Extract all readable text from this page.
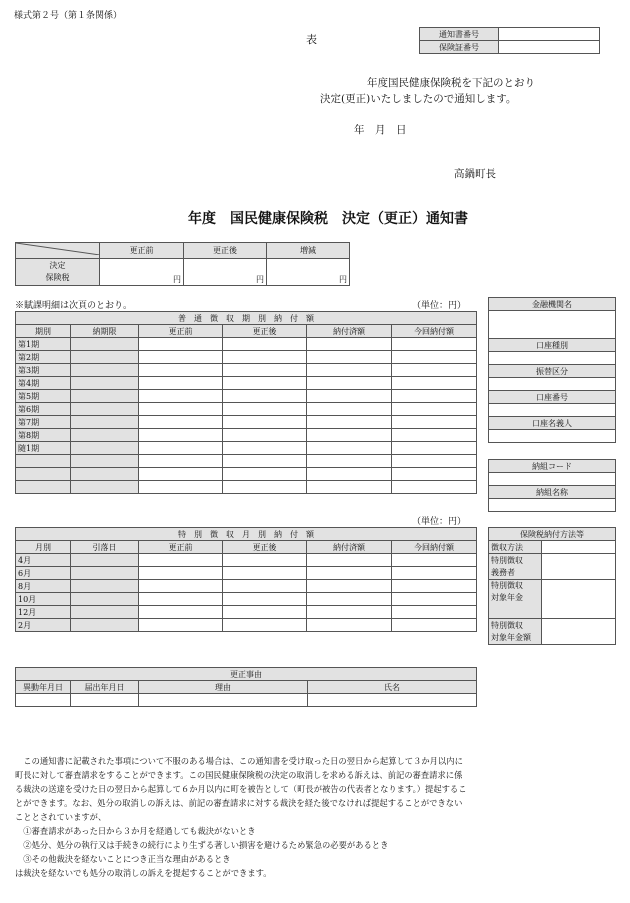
様式第２号（第１条関係）
表	通知書番号	
保険証番号	
年度国民健康保険税を下記のとおり
決定(更正)いたしましたので通知します。
年　月　日
高鍋町長
年度　国民健康保険税　決定（更正）通知書
	更正前	更正後	増減
決定
保険税	円	円	円
※賦課明細は次頁のとおり。	（単位：円）
普　通　徴　収　期　別　納　付　額					
期別	納期限	更正前	更正後	納付済額	今回納付額
第1期					
第2期					
第3期					
第4期					
第5期					
第6期					
第7期					
第8期					
随1期					

金融機関名

口座種別

振替区分

口座番号

口座名義人

納組コード

納組名称

（単位：円）
特　別　徴　収　月　別　納　付　額					
月別	引落日	更正前	更正後	納付済額	今回納付額
4月					
6月					
8月					
10月					
12月					
2月					
保険税納付方法等	
徴収方法	
特別徴収
義務者	
特別徴収
対象年金	
特別徴収
対象年金額	
更正事由			
異動年月日	届出年月日	理由	氏名

　この通知書に記載された事項について不服のある場合は、この通知書を受け取った日の翌日から起算して３か月以内に
町長に対して審査請求をすることができます。この国民健康保険税の決定の取消しを求める訴えは、前記の審査請求に係
る裁決の送達を受けた日の翌日から起算して６か月以内に町を被告として（町長が被告の代表者となります。）提起するこ
とができます。なお、処分の取消しの訴えは、前記の審査請求に対する裁決を経た後でなければ提起することができない
こととされていますが、
　①審査請求があった日から３か月を経過しても裁決がないとき
　②処分、処分の執行又は手続きの続行により生ずる著しい損害を避けるため緊急の必要があるとき
　③その他裁決を経ないことにつき正当な理由があるとき
は裁決を経ないでも処分の取消しの訴えを提起することができます。
